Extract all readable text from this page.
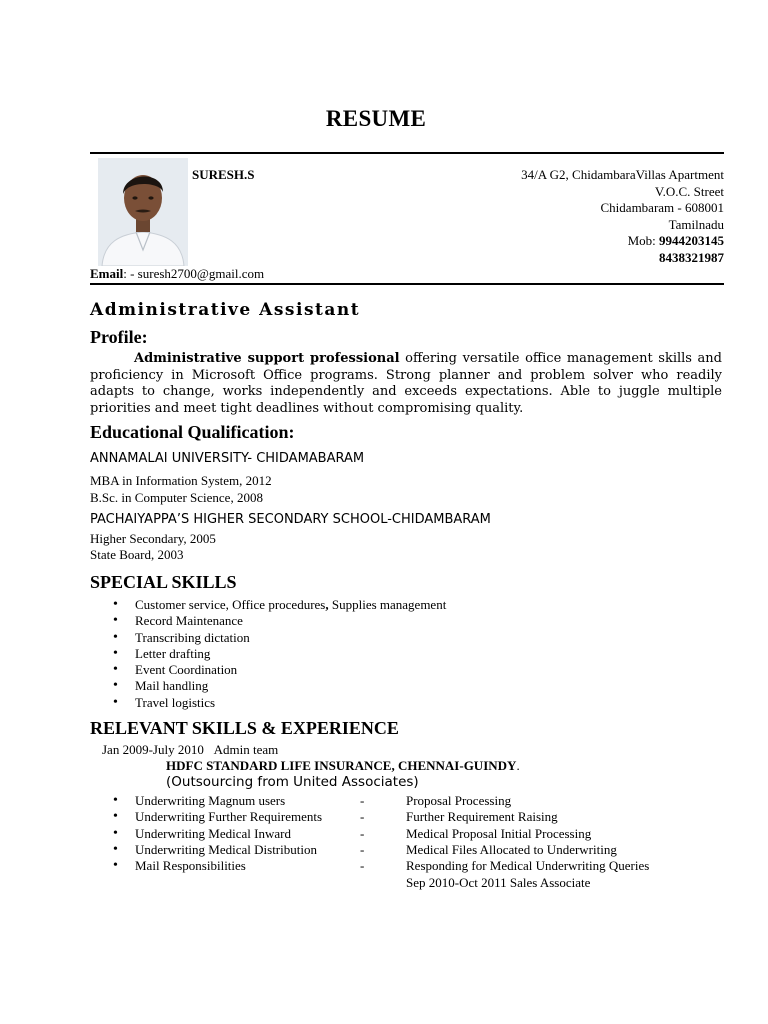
RESUME
SURESH.S	34/A G2, ChidambaraVillas Apartment
V.O.C. Street
Chidambaram - 608001
Tamilnadu
Mob: 9944203145
8438321987
Email: - suresh2700@gmail.com
Administrative Assistant
Profile:
Administrative support professional offering versatile office management skills and proficiency in Microsoft Office programs. Strong planner and problem solver who readily adapts to change, works independently and exceeds expectations. Able to juggle multiple priorities and meet tight deadlines without compromising quality.
Educational Qualification:
ANNAMALAI UNIVERSITY- CHIDAMABARAM
MBA in Information System, 2012
B.Sc. in Computer Science, 2008
PACHAIYAPPA’S HIGHER SECONDARY SCHOOL-CHIDAMBARAM
Higher Secondary, 2005
State Board, 2003
SPECIAL SKILLS
• Customer service, Office procedures, Supplies management
• Record Maintenance
• Transcribing dictation
• Letter drafting
• Event Coordination
• Mail handling
• Travel logistics
RELEVANT SKILLS & EXPERIENCE
Jan 2009-July 2010 Admin team
HDFC STANDARD LIFE INSURANCE, CHENNAI-GUINDY.
(Outsourcing from United Associates)
• Underwriting Magnum users	-	Proposal Processing
• Underwriting Further Requirements	-	Further Requirement Raising
• Underwriting Medical Inward	-	Medical Proposal Initial Processing
• Underwriting Medical Distribution	-	Medical Files Allocated to Underwriting
• Mail Responsibilities	-	Responding for Medical Underwriting Queries
Sep 2010-Oct 2011 Sales Associate
